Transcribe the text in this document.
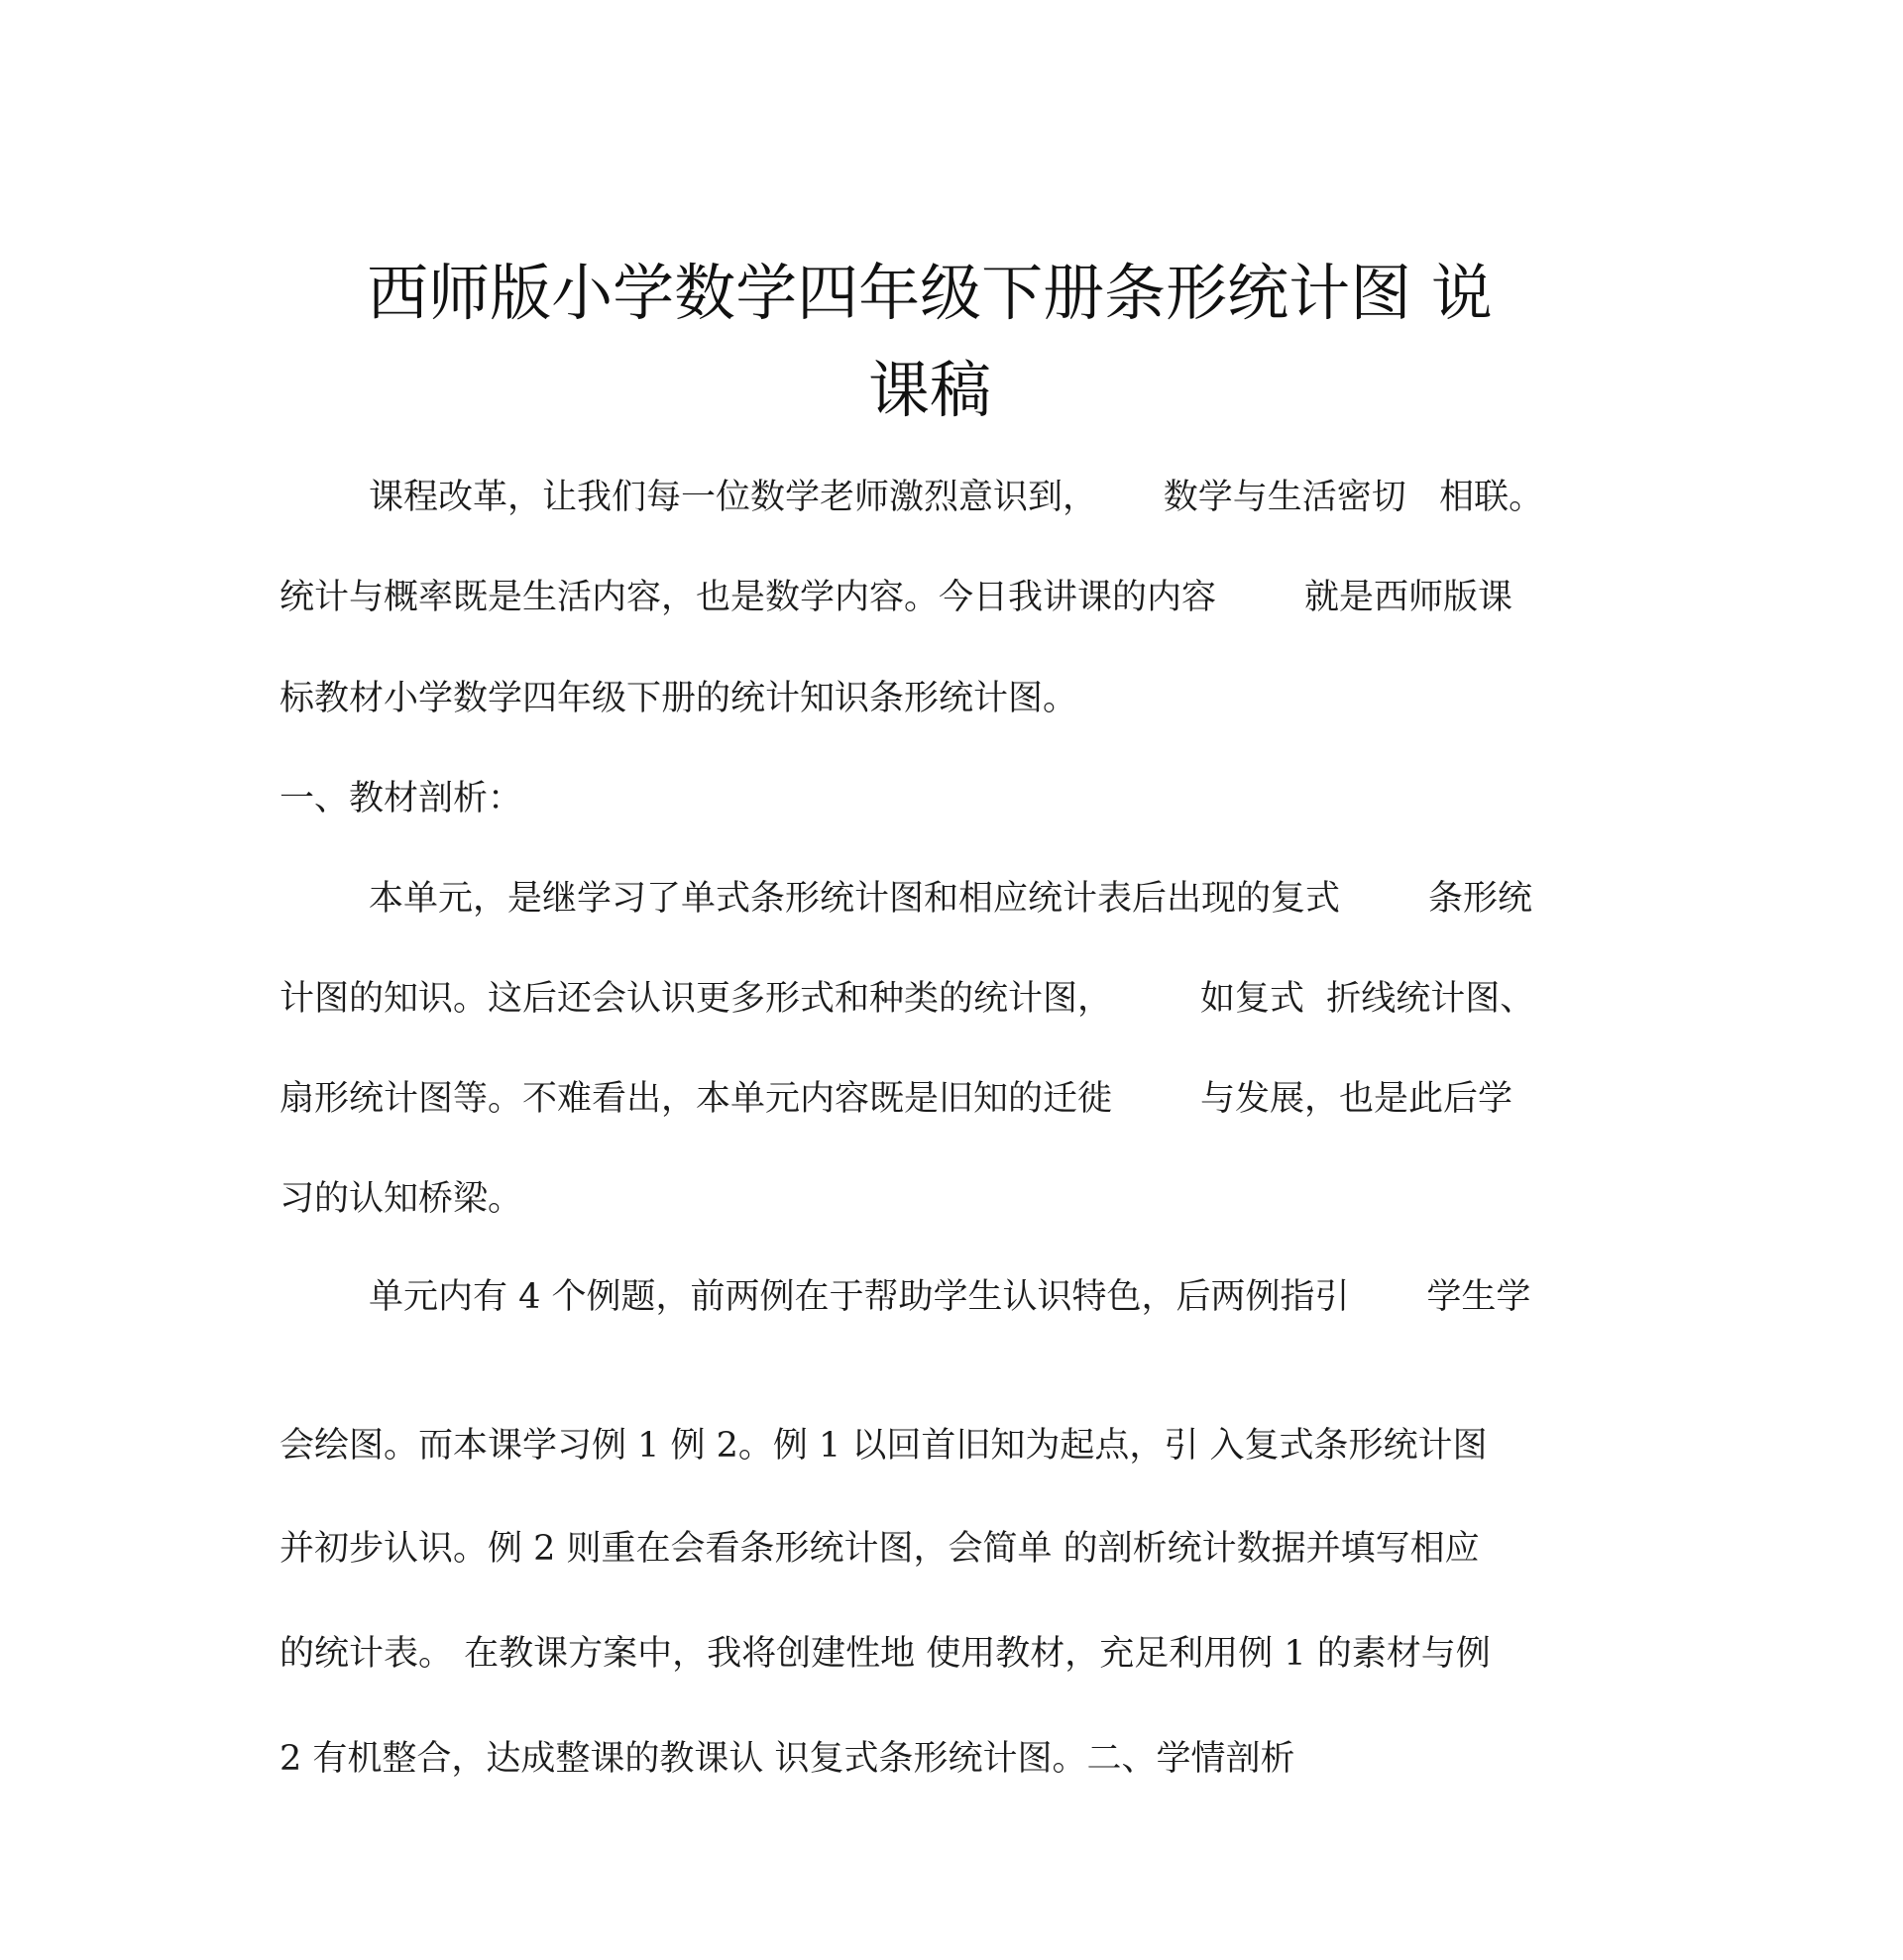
西师版小学数学四年级下册条形统计图 说
课稿

课程改革，让我们每一位数学老师激烈意识到，      数学与生活密切   相联。

统计与概率既是生活内容，也是数学内容。今日我讲课的内容        就是西师版课

标教材小学数学四年级下册的统计知识条形统计图。

一、教材剖析：

本单元，是继学习了单式条形统计图和相应统计表后出现的复式        条形统

计图的知识。这后还会认识更多形式和种类的统计图，        如复式  折线统计图、

扇形统计图等。不难看出，本单元内容既是旧知的迁徙        与发展，也是此后学

习的认知桥梁。

单元内有 4 个例题，前两例在于帮助学生认识特色，后两例指引       学生学

会绘图。而本课学习例 1 例 2。例 1 以回首旧知为起点，引 入复式条形统计图

并初步认识。例 2 则重在会看条形统计图，会简单 的剖析统计数据并填写相应

的统计表。 在教课方案中，我将创建性地 使用教材，充足利用例 1 的素材与例

2 有机整合，达成整课的教课认 识复式条形统计图。二、学情剖析
